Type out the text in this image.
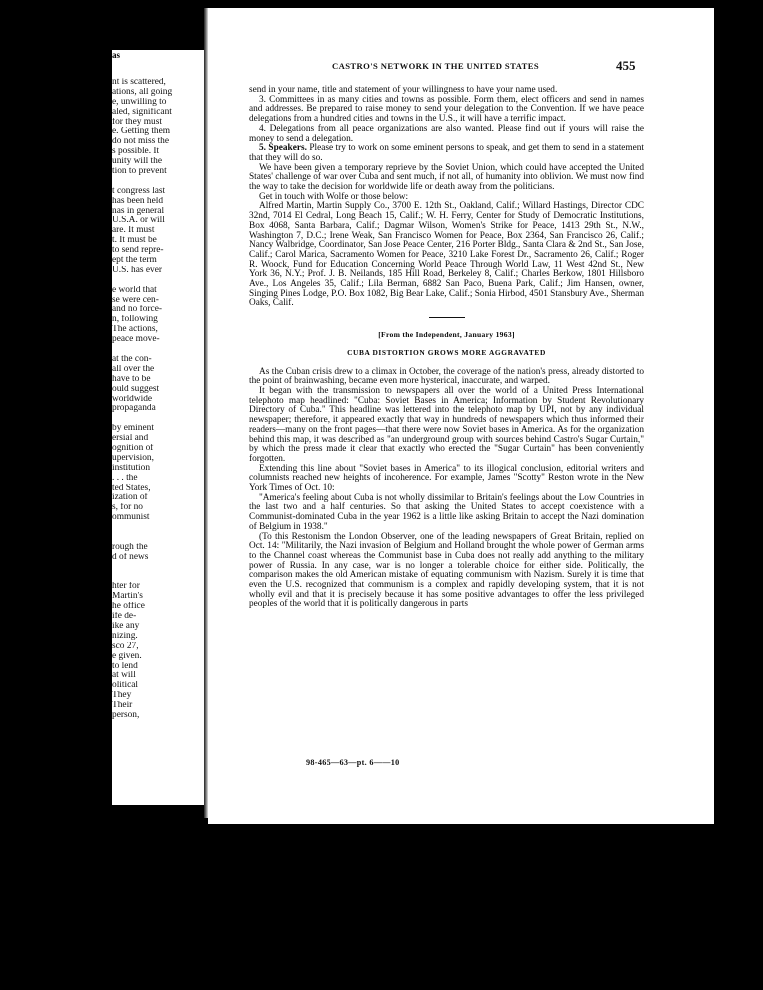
as
nt is scattered,
ations, all going
e, unwilling to
aled, significant
for they must
e. Getting them
do not miss the
s possible. It
unity will the
tion to prevent
t congress last
has been held
nas in general
U.S.A. or will
are. It must
t. It must be
to send repre-
ept the term
U.S. has ever
e world that
se were cen-
and no force-
n, following
The actions,
peace move-
at the con-
all over the
have to be
ould suggest
worldwide
propaganda
by eminent
ersial and
ognition of
upervision,
institution
. . . the
ted States,
ization of
s, for no
ommunist
rough the
d of news
hter for
Martin's
he office
ife de-
ike any
nizing.
sco 27,
e given.
to lend
at will
olitical
They
Their
person,
CASTRO'S NETWORK IN THE UNITED STATES	455

send in your name, title and statement of your willingness to have your name used.

3. Committees in as many cities and towns as possible. Form them, elect officers and send in names and addresses. Be prepared to raise money to send your delegation to the Convention. If we have peace delegations from a hundred cities and towns in the U.S., it will have a terrific impact.

4. Delegations from all peace organizations are also wanted. Please find out if yours will raise the money to send a delegation.

5. Speakers. Please try to work on some eminent persons to speak, and get them to send in a statement that they will do so.

We have been given a temporary reprieve by the Soviet Union, which could have accepted the United States' challenge of war over Cuba and sent much, if not all, of humanity into oblivion. We must now find the way to take the decision for worldwide life or death away from the politicians.

Get in touch with Wolfe or those below:

Alfred Martin, Martin Supply Co., 3700 E. 12th St., Oakland, Calif.; Willard Hastings, Director CDC 32nd, 7014 El Cedral, Long Beach 15, Calif.; W. H. Ferry, Center for Study of Democratic Institutions, Box 4068, Santa Barbara, Calif.; Dagmar Wilson, Women's Strike for Peace, 1413 29th St., N.W., Washington 7, D.C.; Irene Weak, San Francisco Women for Peace, Box 2364, San Francisco 26, Calif.; Nancy Walbridge, Coordinator, San Jose Peace Center, 216 Porter Bldg., Santa Clara & 2nd St., San Jose, Calif.; Carol Marica, Sacramento Women for Peace, 3210 Lake Forest Dr., Sacramento 26, Calif.; Roger R. Woock, Fund for Education Concerning World Peace Through World Law, 11 West 42nd St., New York 36, N.Y.; Prof. J. B. Neilands, 185 Hill Road, Berkeley 8, Calif.; Charles Berkow, 1801 Hillsboro Ave., Los Angeles 35, Calif.; Lila Berman, 6882 San Paco, Buena Park, Calif.; Jim Hansen, owner, Singing Pines Lodge, P.O. Box 1082, Big Bear Lake, Calif.; Sonia Hirbod, 4501 Stansbury Ave., Sherman Oaks, Calif.

[From the Independent, January 1963]
CUBA DISTORTION GROWS MORE AGGRAVATED

As the Cuban crisis drew to a climax in October, the coverage of the nation's press, already distorted to the point of brainwashing, became even more hysterical, inaccurate, and warped.

It began with the transmission to newspapers all over the world of a United Press International telephoto map headlined: "Cuba: Soviet Bases in America; Information by Student Revolutionary Directory of Cuba." This headline was lettered into the telephoto map by UPI, not by any individual newspaper; therefore, it appeared exactly that way in hundreds of newspapers which thus informed their readers—many on the front pages—that there were now Soviet bases in America. As for the organization behind this map, it was described as "an underground group with sources behind Castro's Sugar Curtain," by which the press made it clear that exactly who erected the "Sugar Curtain" has been conveniently forgotten.

Extending this line about "Soviet bases in America" to its illogical conclusion, editorial writers and columnists reached new heights of incoherence. For example, James "Scotty" Reston wrote in the New York Times of Oct. 10:

"America's feeling about Cuba is not wholly dissimilar to Britain's feelings about the Low Countries in the last two and a half centuries. So that asking the United States to accept coexistence with a Communist-dominated Cuba in the year 1962 is a little like asking Britain to accept the Nazi domination of Belgium in 1938."

(To this Restonism the London Observer, one of the leading newspapers of Great Britain, replied on Oct. 14: "Militarily, the Nazi invasion of Belgium and Holland brought the whole power of German arms to the Channel coast whereas the Communist base in Cuba does not really add anything to the military power of Russia. In any case, war is no longer a tolerable choice for either side. Politically, the comparison makes the old American mistake of equating communism with Nazism. Surely it is time that even the U.S. recognized that communism is a complex and rapidly developing system, that it is not wholly evil and that it is precisely because it has some positive advantages to offer the less privileged peoples of the world that it is politically dangerous in parts

98-465—63—pt. 6——10
